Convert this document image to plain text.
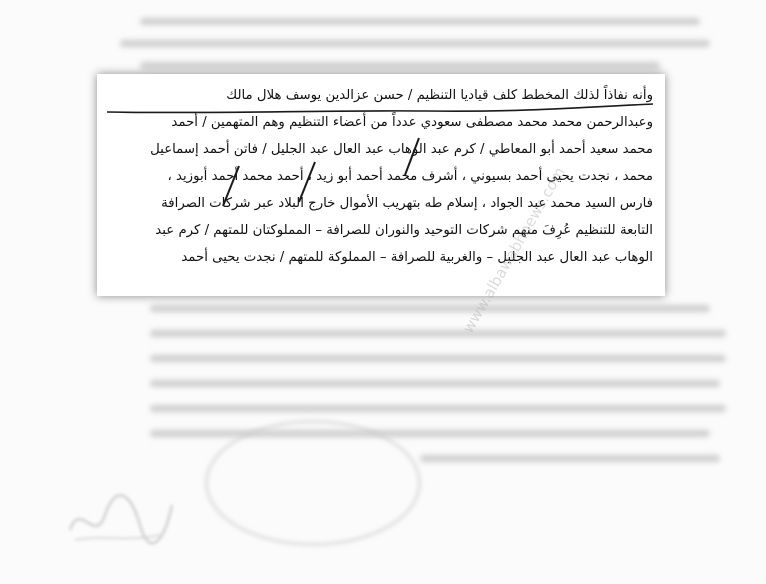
وأنه نفاذاً لذلك المخطط كلف قياديا التنظيم / حسن عزالدين يوسف هلال مالك
وعبدالرحمن محمد محمد مصطفى سعودي عدداً من أعضاء التنظيم وهم المتهمين / أحمد
محمد سعيد أحمد أبو المعاطي / كرم عبد الوهاب عبد العال عبد الجليل / فاتن أحمد إسماعيل
محمد ، نجدت يحيى أحمد بسيوني ، أشرف محمد أحمد أبو زيد ، أحمد محمد أحمد أبوزيد ،
فارس السيد محمد عبد الجواد ، إسلام طه بتهريب الأموال خارج البلاد عبر شركات الصرافة
التابعة للتنظيم عُرِفَ منهم شركات التوحيد والنوران للصرافة – المملوكتان للمتهم / كرم عبد
الوهاب عبد العال عبد الجليل – والغربية للصرافة – المملوكة للمتهم / نجدت يحيى أحمد
www.albawabhnews.com
